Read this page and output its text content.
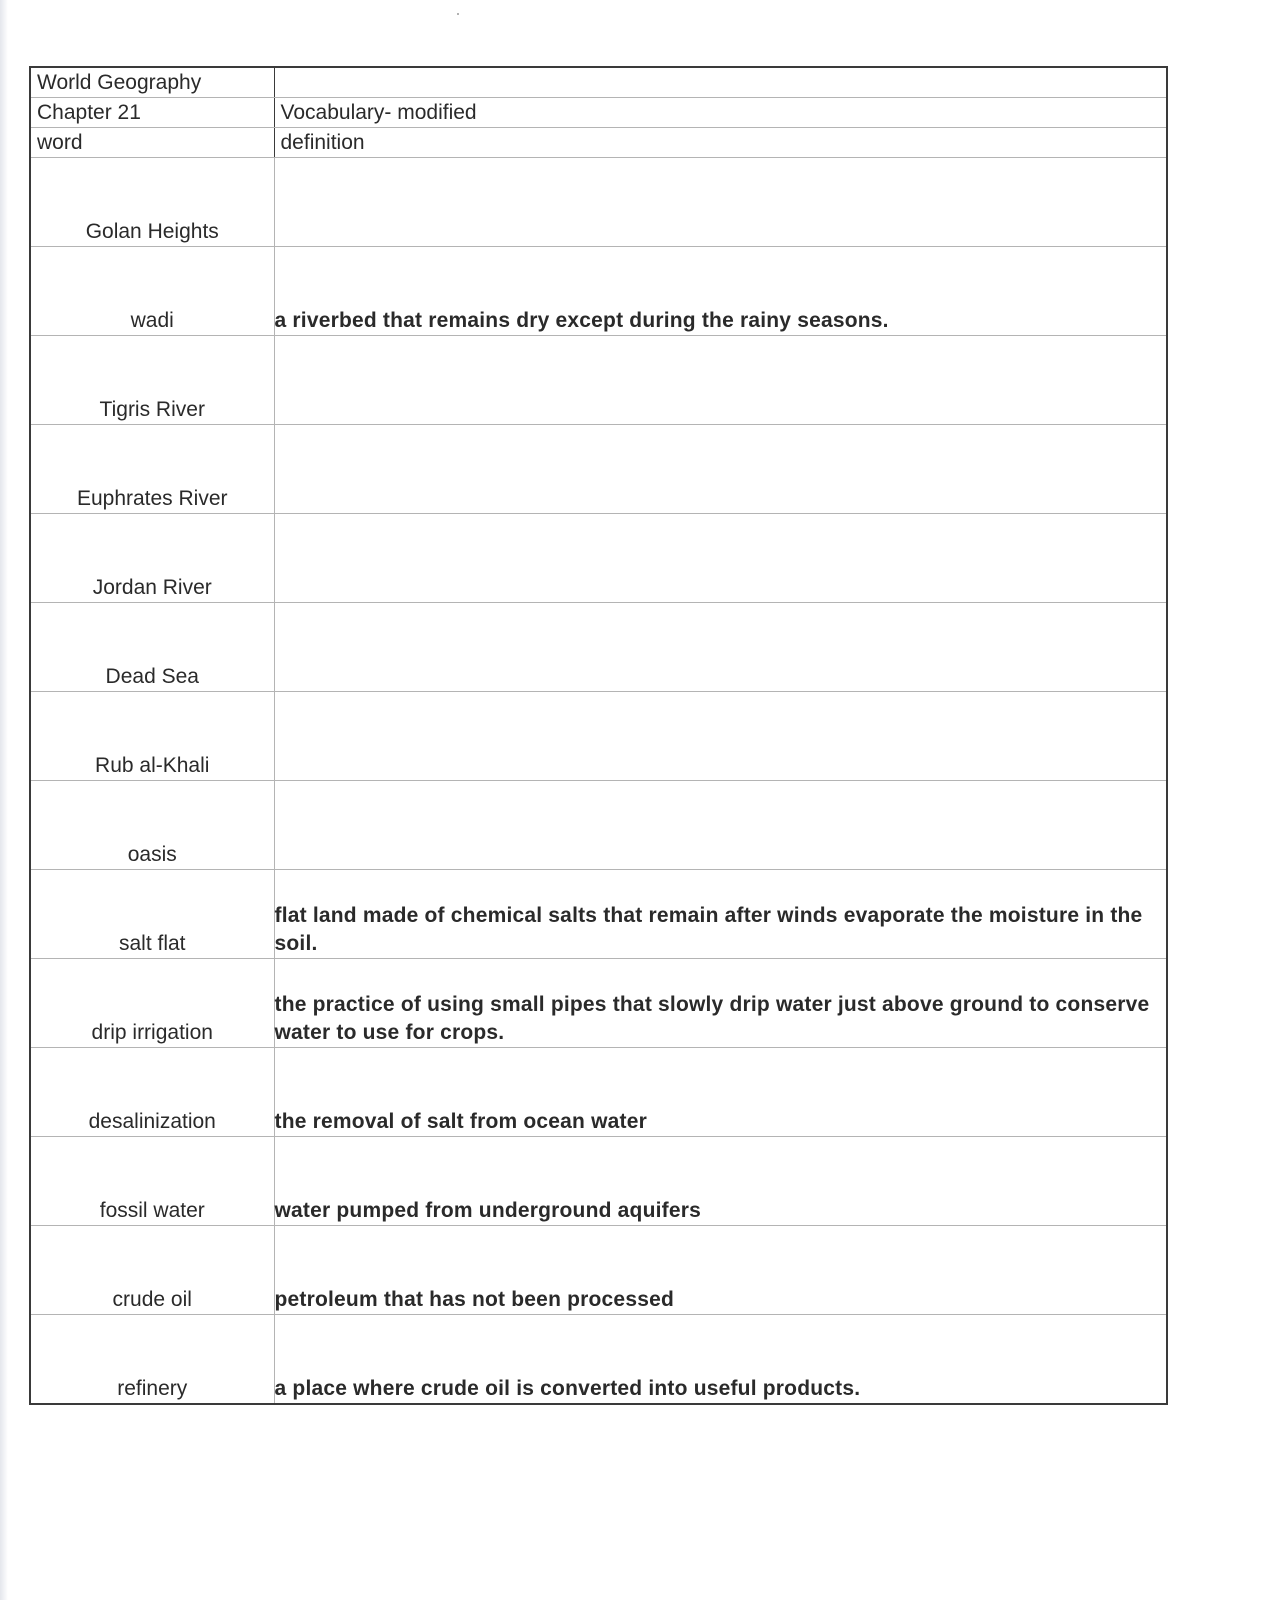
World Geography	
Chapter 21	Vocabulary- modified
word	definition
Golan Heights	
wadi	a riverbed that remains dry except during the rainy seasons.
Tigris River	
Euphrates River	
Jordan River	
Dead Sea	
Rub al-Khali	
oasis	
salt flat	flat land made of chemical salts that remain after winds evaporate the moisture in the soil.
drip irrigation	the practice of using small pipes that slowly drip water just above ground to conserve water to use for crops.
desalinization	the removal of salt from ocean water
fossil water	water pumped from underground aquifers
crude oil	petroleum that has not been processed
refinery	a place where crude oil is converted into useful products.
